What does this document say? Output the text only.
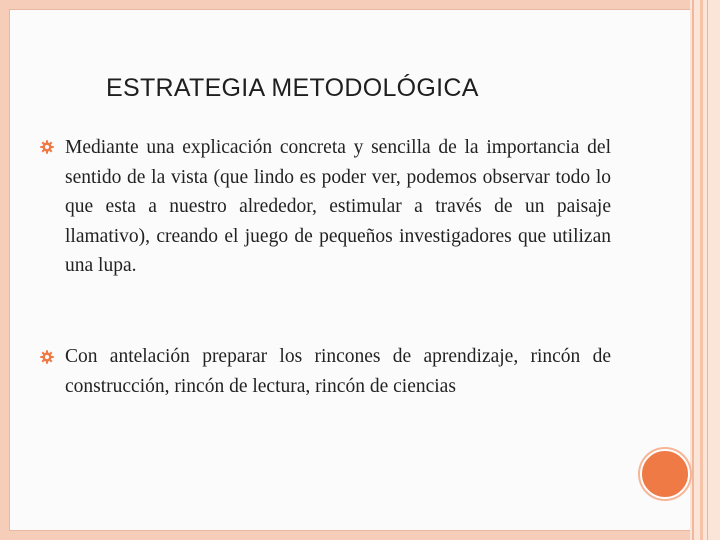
ESTRATEGIA METODOLÓGICA
Mediante una explicación concreta y sencilla de la importancia del sentido de la vista (que lindo es poder ver, podemos observar todo lo que esta a nuestro alrededor, estimular a través de un paisaje llamativo), creando el juego de pequeños investigadores que utilizan una lupa.
Con antelación preparar los rincones de aprendizaje, rincón de construcción, rincón de lectura, rincón de ciencias
